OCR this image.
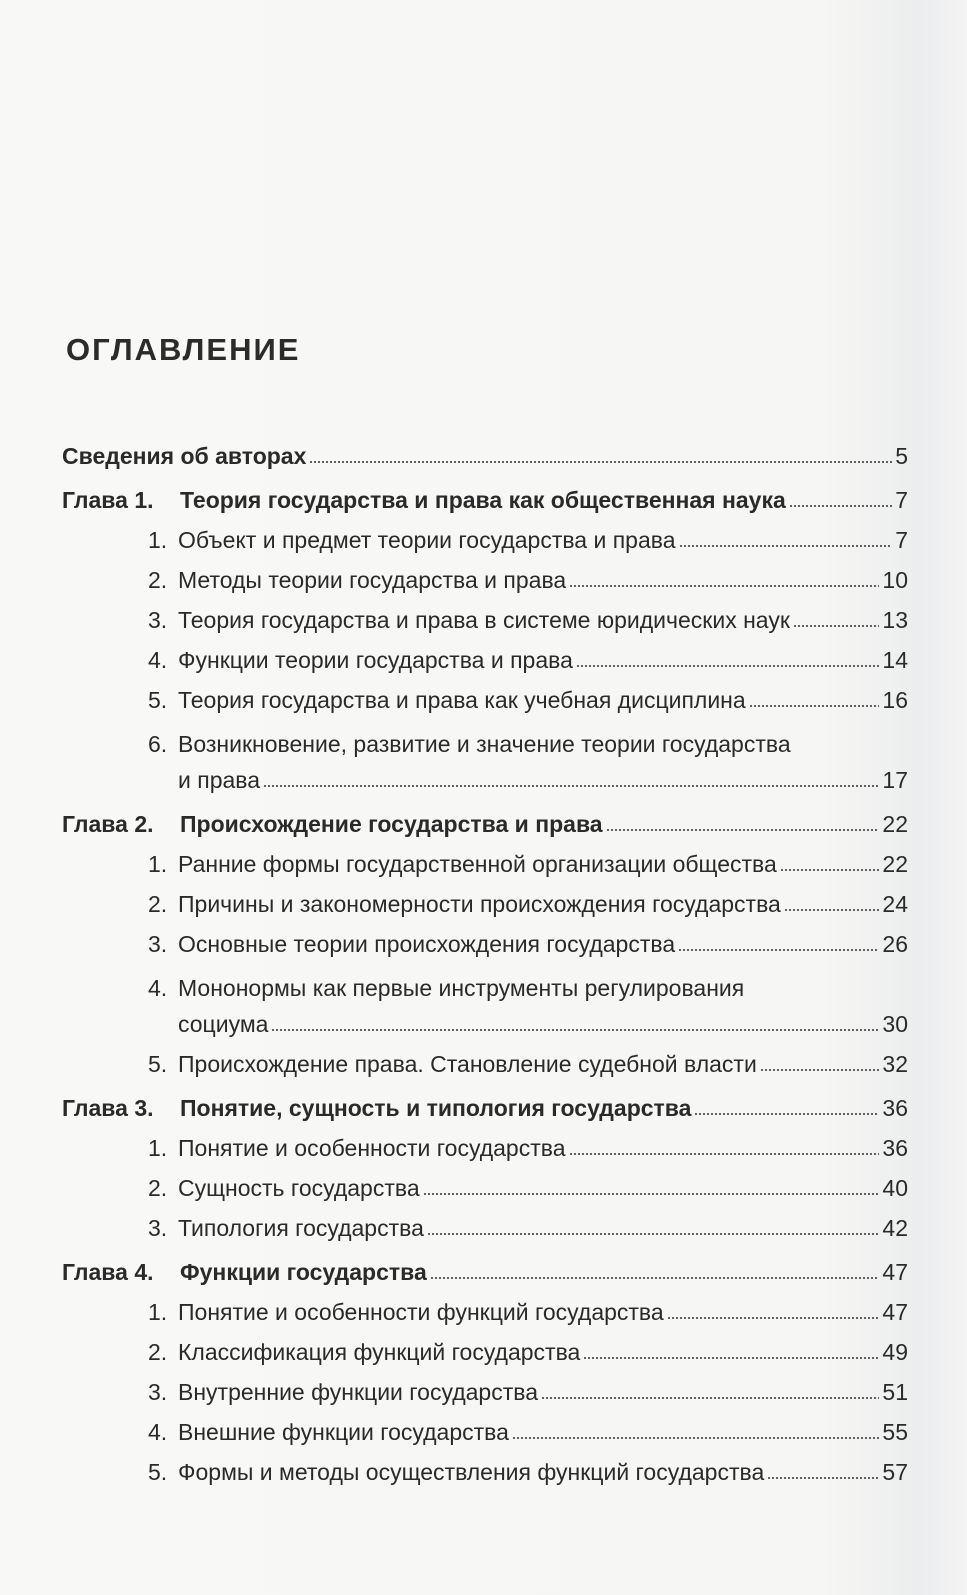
ОГЛАВЛЕНИЕ
Сведения об авторах	5
Глава 1.	Теория государства и права как общественная наука	7
1. Объект и предмет теории государства и права	7
2. Методы теории государства и права	10
3. Теория государства и права в системе юридических наук	13
4. Функции теории государства и права	14
5. Теория государства и права как учебная дисциплина	16
6. Возникновение, развитие и значение теории государства
и права	17
Глава 2.	Происхождение государства и права	22
1. Ранние формы государственной организации общества	22
2. Причины и закономерности происхождения государства	24
3. Основные теории происхождения государства	26
4. Мононормы как первые инструменты регулирования
социума	30
5. Происхождение права. Становление судебной власти	32
Глава 3.	Понятие, сущность и типология государства	36
1. Понятие и особенности государства	36
2. Сущность государства	40
3. Типология государства	42
Глава 4.	Функции государства	47
1. Понятие и особенности функций государства	47
2. Классификация функций государства	49
3. Внутренние функции государства	51
4. Внешние функции государства	55
5. Формы и методы осуществления функций государства	57
